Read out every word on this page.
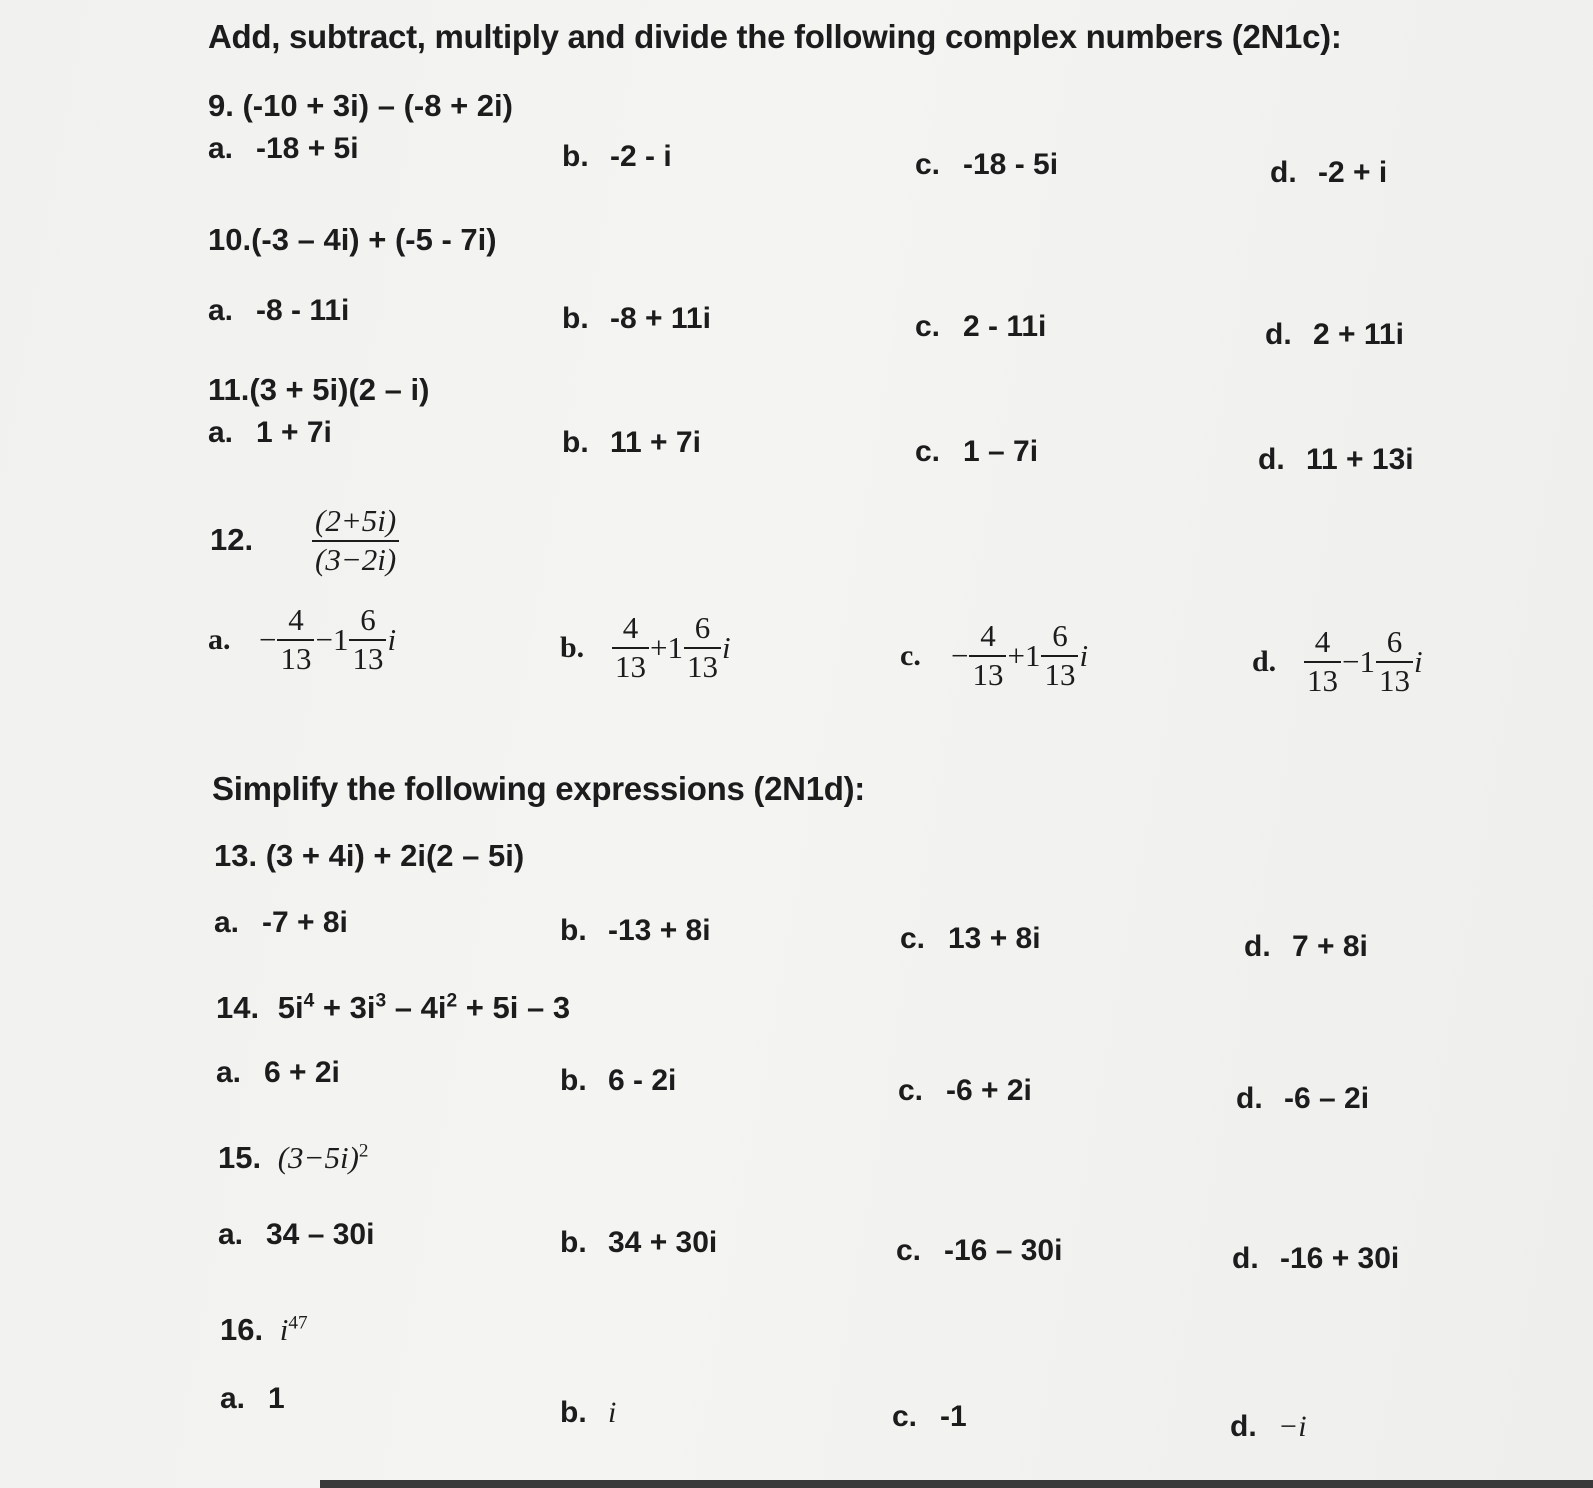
Add, subtract, multiply and divide the following complex numbers (2N1c):
9. (-10 + 3i) – (-8 + 2i)
a. -18 + 5i	b. -2 - i	c. -18 - 5i	d. -2 + i
10.(-3 – 4i) + (-5 - 7i)
a. -8 - 11i	b. -8 + 11i	c. 2 - 11i	d. 2 + 11i
11.(3 + 5i)(2 – i)
a. 1 + 7i	b. 11 + 7i	c. 1 – 7i	d. 11 + 13i
12. $\frac{(2+5i)}{(3-2i)}$
a. − $\frac{4}{13} -1 \frac{6}{13}$ i	b. $\frac{4}{13} +1 \frac{6}{13}$ i	c. − $\frac{4}{13} +1 \frac{6}{13}$ i	d. $\frac{4}{13} -1 \frac{6}{13}$ i
Simplify the following expressions (2N1d):
13. (3 + 4i) + 2i(2 – 5i)
a. -7 + 8i	b. -13 + 8i	c. 13 + 8i	d. 7 + 8i
14. $5i^4 + 3i^3 - 4i^2 + 5i - 3$
a. 6 + 2i	b. 6 - 2i	c. -6 + 2i	d. -6 – 2i
15. $(3-5i)^2$
a. 34 – 30i	b. 34 + 30i	c. -16 – 30i	d. -16 + 30i
16. $i^{47}$
a. 1	b. i	c. -1	d. −i
